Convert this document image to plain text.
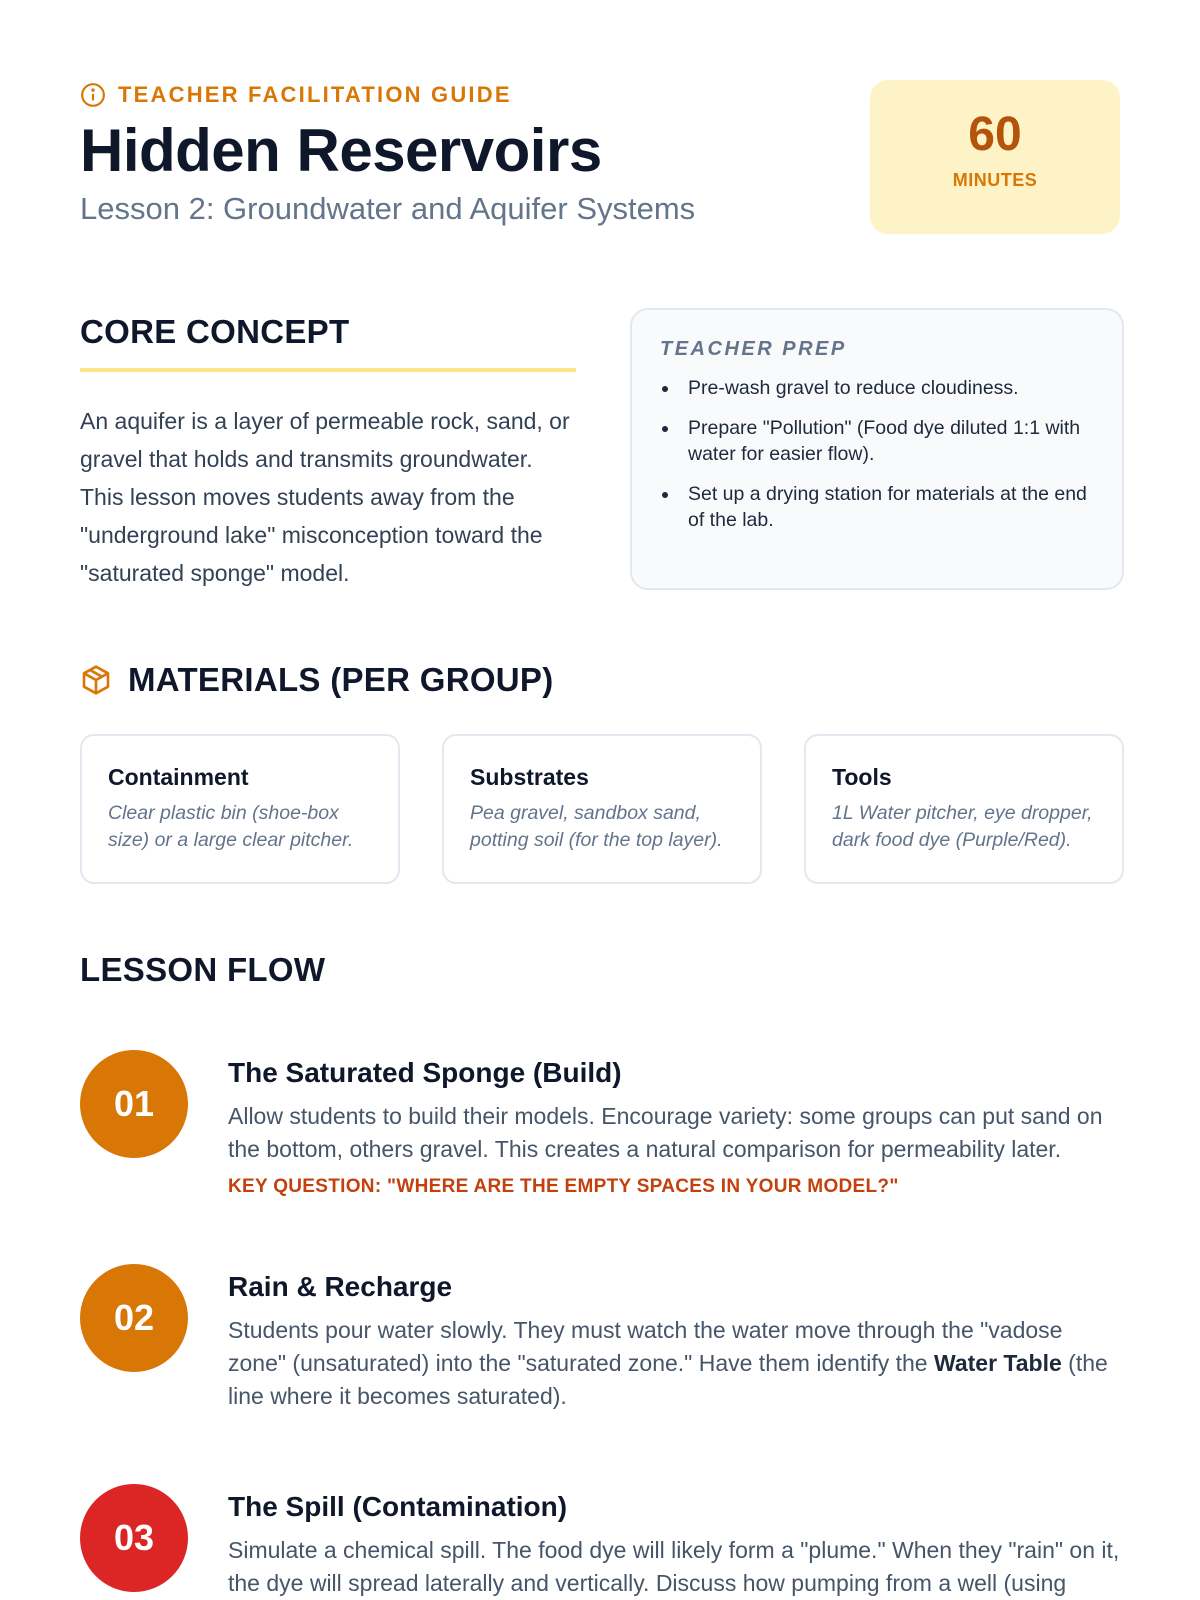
TEACHER FACILITATION GUIDE
Hidden Reservoirs
Lesson 2: Groundwater and Aquifer Systems
60
MINUTES
CORE CONCEPT

An aquifer is a layer of permeable rock, sand, or gravel that holds and transmits groundwater. This lesson moves students away from the "underground lake" misconception toward the "saturated sponge" model.

TEACHER PREP
Pre-wash gravel to reduce cloudiness.
Prepare "Pollution" (Food dye diluted 1:1 with water for easier flow).
Set up a drying station for materials at the end of the lab.
MATERIALS (PER GROUP)
Containment
Clear plastic bin (shoe-box size) or a large clear pitcher.
Substrates
Pea gravel, sandbox sand, potting soil (for the top layer).
Tools
1L Water pitcher, eye dropper, dark food dye (Purple/Red).
LESSON FLOW
01
The Saturated Sponge (Build)
Allow students to build their models. Encourage variety: some groups can put sand on the bottom, others gravel. This creates a natural comparison for permeability later.
KEY QUESTION: "WHERE ARE THE EMPTY SPACES IN YOUR MODEL?"
02
Rain & Recharge
Students pour water slowly. They must watch the water move through the "vadose zone" (unsaturated) into the "saturated zone." Have them identify the Water Table (the line where it becomes saturated).
03
The Spill (Contamination)
Simulate a chemical spill. The food dye will likely form a "plume." When they "rain" on it, the dye will spread laterally and vertically. Discuss how pumping from a well (using
